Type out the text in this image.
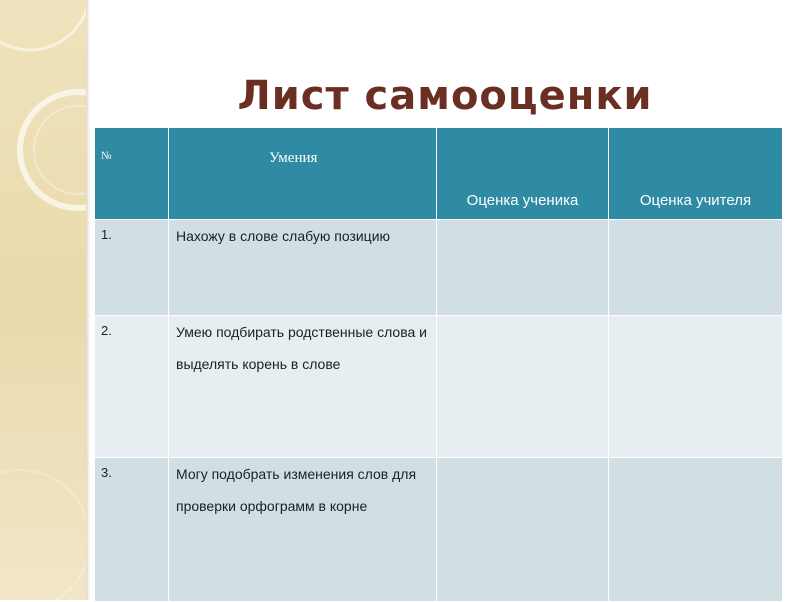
Лист самооценки
№	Умения	Оценка ученика	Оценка учителя

1.	Нахожу в слове слабую позицию		
2.	Умею подбирать родственные слова и выделять корень в слове		
3.	Могу подобрать изменения слов для проверки орфограмм в корне		
